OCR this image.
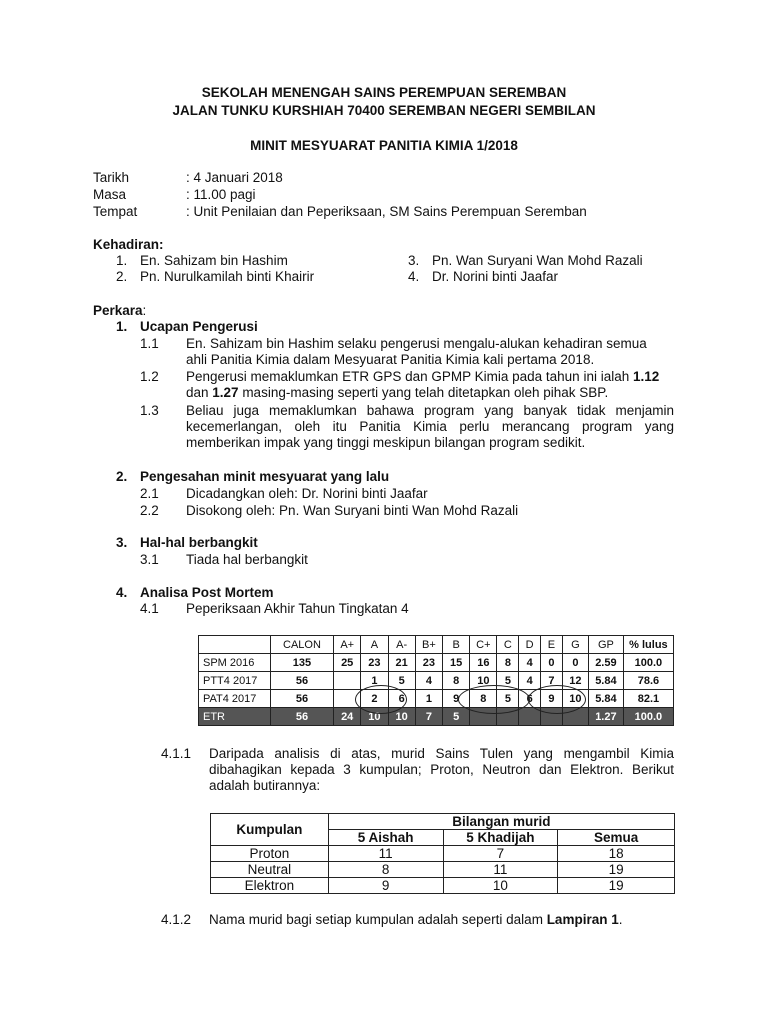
SEKOLAH MENENGAH SAINS PEREMPUAN SEREMBAN
JALAN TUNKU KURSHIAH 70400 SEREMBAN NEGERI SEMBILAN
MINIT MESYUARAT PANITIA KIMIA 1/2018
Tarikh	: 4 Januari 2018
Masa	: 11.00 pagi
Tempat	: Unit Penilaian dan Peperiksaan, SM Sains Perempuan Seremban
Kehadiran:
1. En. Sahizam bin Hashim
2. Pn. Nurulkamilah binti Khairir
3. Pn. Wan Suryani Wan Mohd Razali
4. Dr. Norini binti Jaafar
Perkara:
1. Ucapan Pengerusi
1.1 En. Sahizam bin Hashim selaku pengerusi mengalu-alukan kehadiran semua
ahli Panitia Kimia dalam Mesyuarat Panitia Kimia kali pertama 2018.
1.2 Pengerusi memaklumkan ETR GPS dan GPMP Kimia pada tahun ini ialah 1.12
dan 1.27 masing-masing seperti yang telah ditetapkan oleh pihak SBP.
1.3 Beliau juga memaklumkan bahawa program yang banyak tidak menjamin kecemerlangan, oleh itu Panitia Kimia perlu merancang program yang memberikan impak yang tinggi meskipun bilangan program sedikit.
2. Pengesahan minit mesyuarat yang lalu
2.1 Dicadangkan oleh: Dr. Norini binti Jaafar
2.2 Disokong oleh: Pn. Wan Suryani binti Wan Mohd Razali
3. Hal-hal berbangkit
3.1 Tiada hal berbangkit
4. Analisa Post Mortem
4.1 Peperiksaan Akhir Tahun Tingkatan 4
	CALON	A+	A	A-	B+	B	C+	C	D	E	G	GP	% lulus
SPM 2016	135	25	23	21	23	15	16	8	4	0	0	2.59	100.0
PTT4 2017	56		1	5	4	8	10	5	4	7	12	5.84	78.6
PAT4 2017	56		2	6	1	9	8	5	6	9	10	5.84	82.1
ETR	56	24	10	10	7	5						1.27	100.0
4.1.1 Daripada analisis di atas, murid Sains Tulen yang mengambil Kimia dibahagikan kepada 3 kumpulan; Proton, Neutron dan Elektron. Berikut adalah butirannya:
Kumpulan	Bilangan murid		
	5 Aishah	5 Khadijah	Semua
Proton	11	7	18
Neutral	8	11	19
Elektron	9	10	19
4.1.2 Nama murid bagi setiap kumpulan adalah seperti dalam Lampiran 1.
